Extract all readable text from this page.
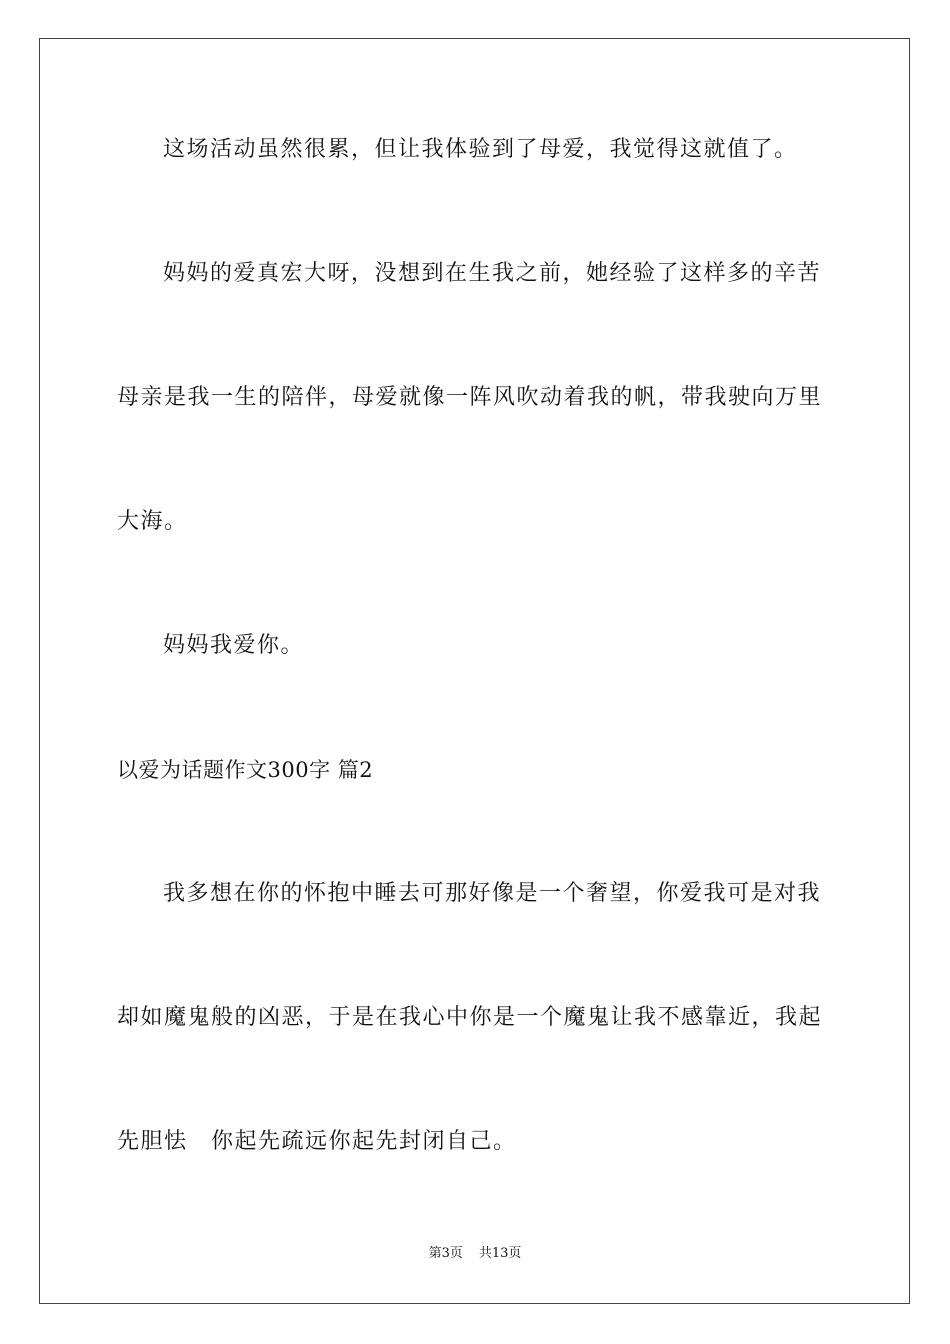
这场活动虽然很累，但让我体验到了母爱，我觉得这就值了。
妈妈的爱真宏大呀，没想到在生我之前，她经验了这样多的辛苦
母亲是我一生的陪伴，母爱就像一阵风吹动着我的帆，带我驶向万里
大海。
妈妈我爱你。
以爱为话题作文300字 篇2
我多想在你的怀抱中睡去可那好像是一个奢望，你爱我可是对我
却如魔鬼般的凶恶，于是在我心中你是一个魔鬼让我不感靠近，我起
先胆怯　你起先疏远你起先封闭自己。
第3页 共13页
